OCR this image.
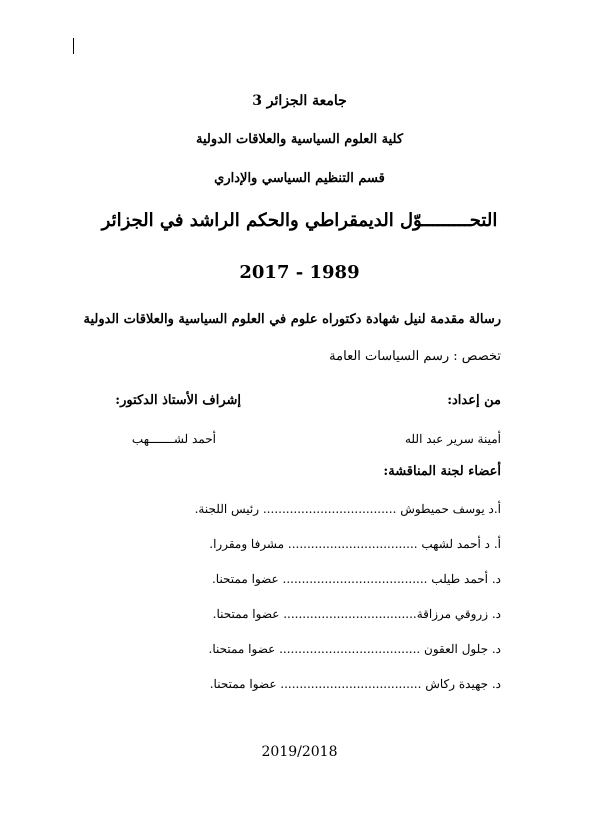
جامعة الجزائر 3
كلية العلوم السياسية والعلاقات الدولية
قسم التنظيم السياسي والإداري
التحـــــــــوّل الديمقراطي والحكم الراشد في الجزائر
1989 - 2017
رسالة مقدمة لنيل شهادة دكتوراه علوم في العلوم السياسية والعلاقات الدولية
تخصص : رسم السياسات العامة
من إعداد:
إشراف الأستاذ الدكتور:
أمينة سرير عبد الله
أحمد لشـــــــهب
أعضاء لجنة المناقشة:
أ.د يوسف حميطوش ................................... رئيس اللجنة.
أ. د أحمد لشهب .................................. مشرفا ومقررا.
د. أحمد طيلب ...................................... عضوا ممتحنا.
د. زروقي مرزاقة................................... عضوا ممتحنا.
د. جلول العقون ..................................... عضوا ممتحنا.
د. جهيدة ركاش ..................................... عضوا ممتحنا.
2019/2018
